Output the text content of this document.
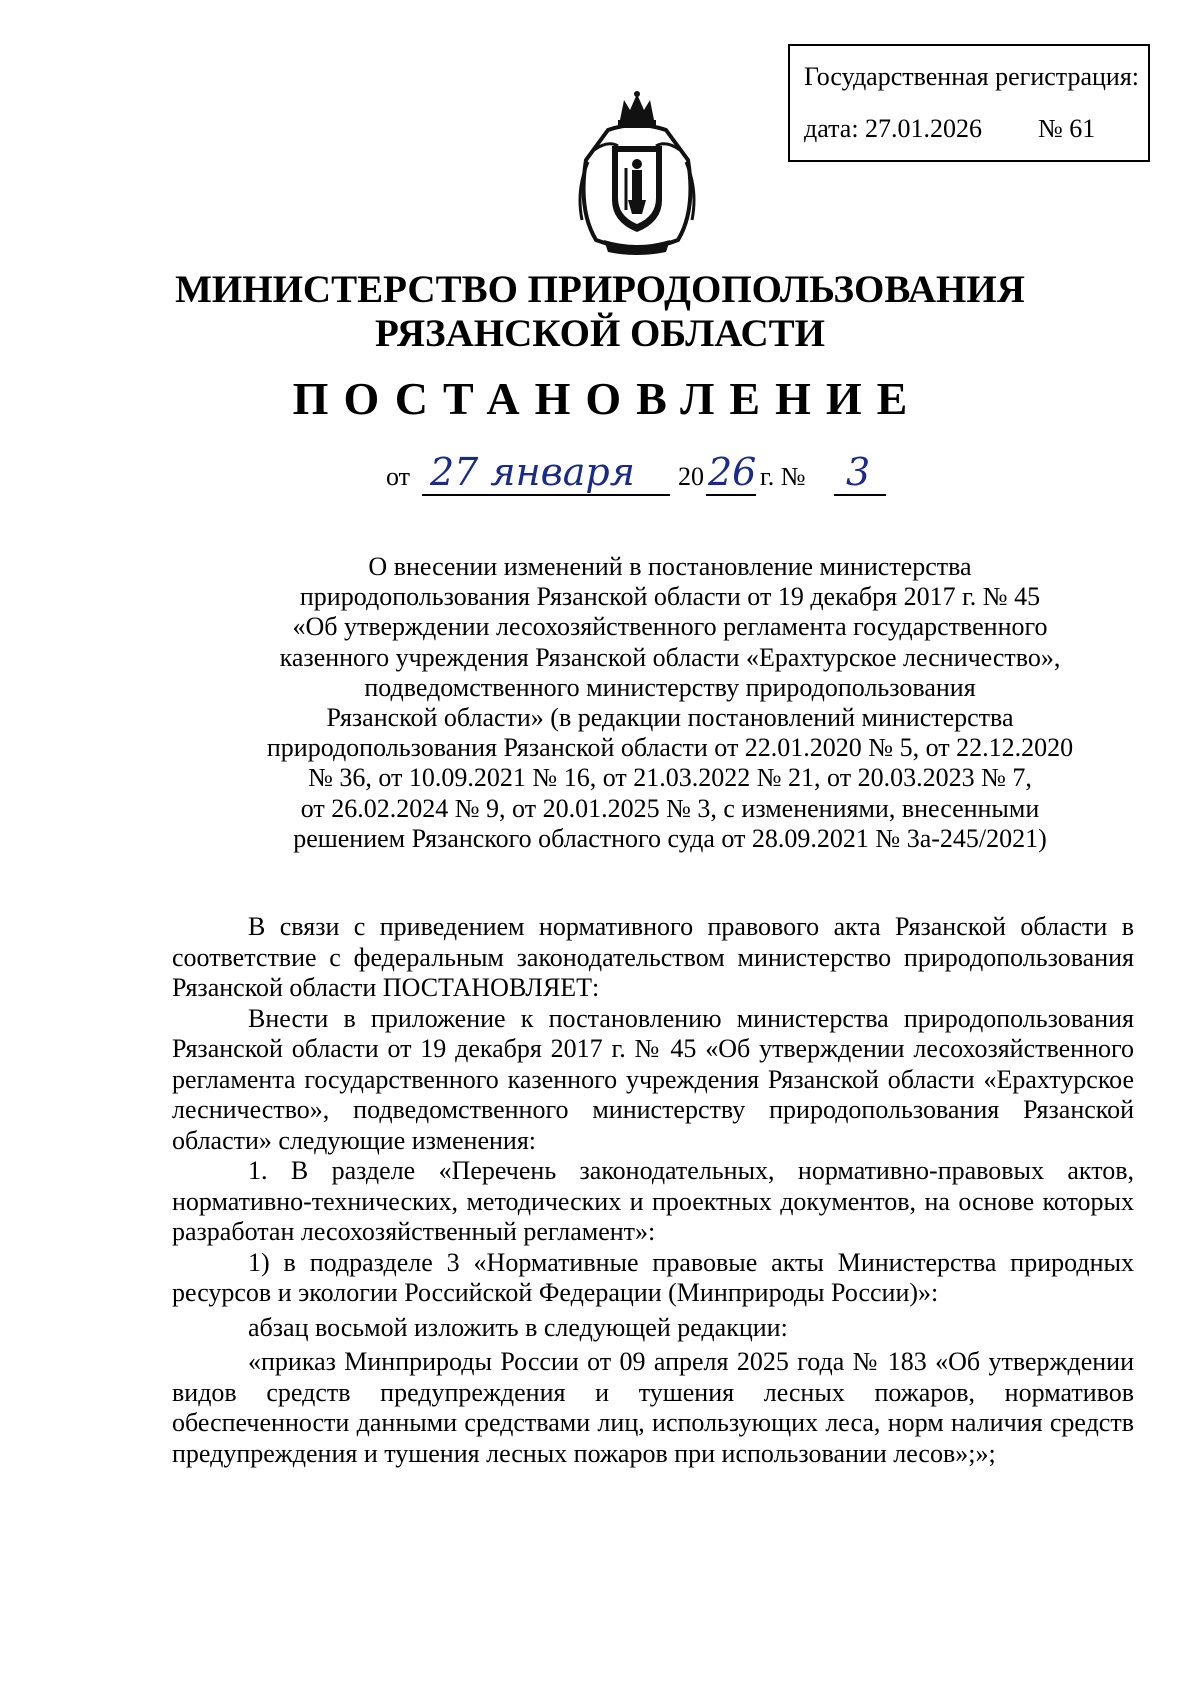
Государственная регистрация:
дата: 27.01.2026 № 61
МИНИСТЕРСТВО ПРИРОДОПОЛЬЗОВАНИЯ
РЯЗАНСКОЙ ОБЛАСТИ
ПОСТАНОВЛЕНИЕ
от 27 января 20 26 г. № 3
О внесении изменений в постановление министерства
природопользования Рязанской области от 19 декабря 2017 г. № 45
«Об утверждении лесохозяйственного регламента государственного
казенного учреждения Рязанской области «Ерахтурское лесничество»,
подведомственного министерству природопользования
Рязанской области» (в редакции постановлений министерства
природопользования Рязанской области от 22.01.2020 № 5, от 22.12.2020
№ 36, от 10.09.2021 № 16, от 21.03.2022 № 21, от 20.03.2023 № 7,
от 26.02.2024 № 9, от 20.01.2025 № 3, с изменениями, внесенными
решением Рязанского областного суда от 28.09.2021 № 3а-245/2021)

В связи с приведением нормативного правового акта Рязанской области в соответствие с федеральным законодательством министерство природопользования Рязанской области ПОСТАНОВЛЯЕТ:

Внести в приложение к постановлению министерства природопользования Рязанской области от 19 декабря 2017 г. № 45 «Об утверждении лесохозяйственного регламента государственного казенного учреждения Рязанской области «Ерахтурское лесничество», подведомственного министерству природопользования Рязанской области» следующие изменения:

1. В разделе «Перечень законодательных, нормативно-правовых актов, нормативно-технических, методических и проектных документов, на основе которых разработан лесохозяйственный регламент»:

1) в подразделе 3 «Нормативные правовые акты Министерства природных ресурсов и экологии Российской Федерации (Минприроды России)»:

абзац восьмой изложить в следующей редакции:

«приказ Минприроды России от 09 апреля 2025 года № 183 «Об утверждении видов средств предупреждения и тушения лесных пожаров, нормативов обеспеченности данными средствами лиц, использующих леса, норм наличия средств предупреждения и тушения лесных пожаров при использовании лесов»;»;
